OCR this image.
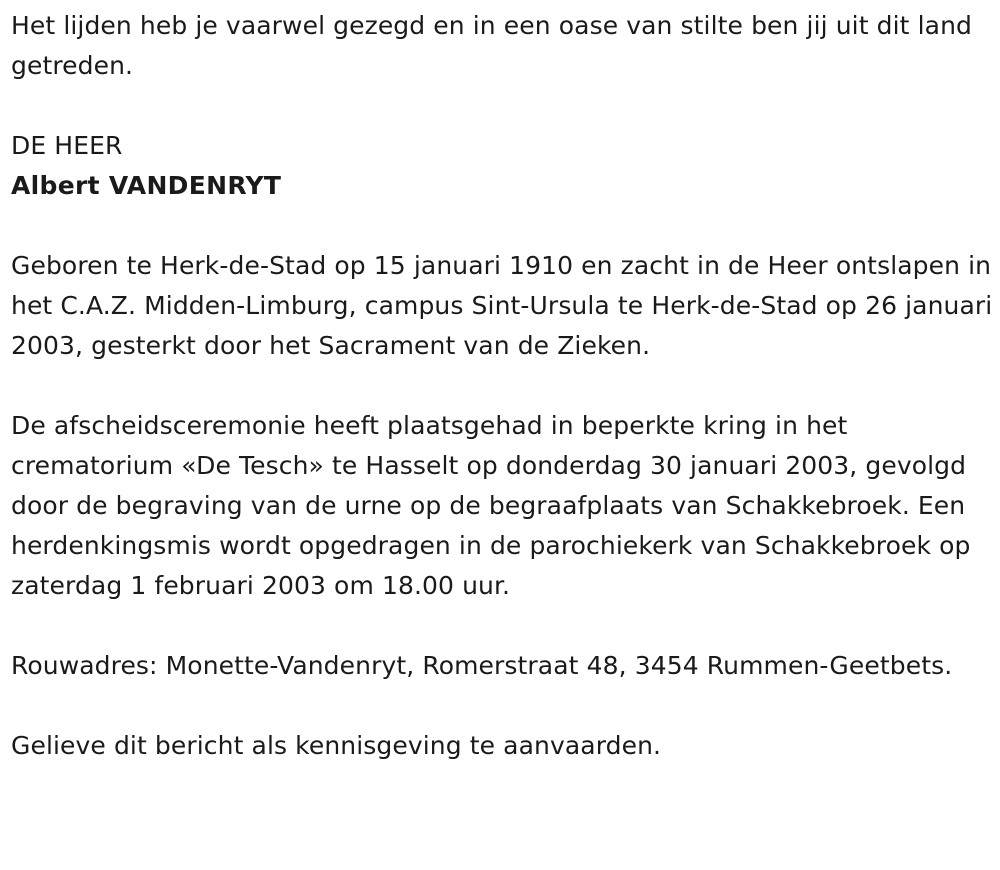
Het lijden heb je vaarwel gezegd en in een oase van stilte ben jij uit dit land getreden.

DE HEER

Albert VANDENRYT

Geboren te Herk-de-Stad op 15 januari 1910 en zacht in de Heer ontslapen in het C.A.Z. Midden-Limburg, campus Sint-Ursula te Herk-de-Stad op 26 januari 2003, gesterkt door het Sacrament van de Zieken.

De afscheidsceremonie heeft plaatsgehad in beperkte kring in het crematorium «De Tesch» te Hasselt op donderdag 30 januari 2003, gevolgd door de begraving van de urne op de begraafplaats van Schakkebroek. Een herdenkingsmis wordt opgedragen in de parochiekerk van Schakkebroek op zaterdag 1 februari 2003 om 18.00 uur.

Rouwadres: Monette-Vandenryt, Romerstraat 48, 3454 Rummen-Geetbets.

Gelieve dit bericht als kennisgeving te aanvaarden.
